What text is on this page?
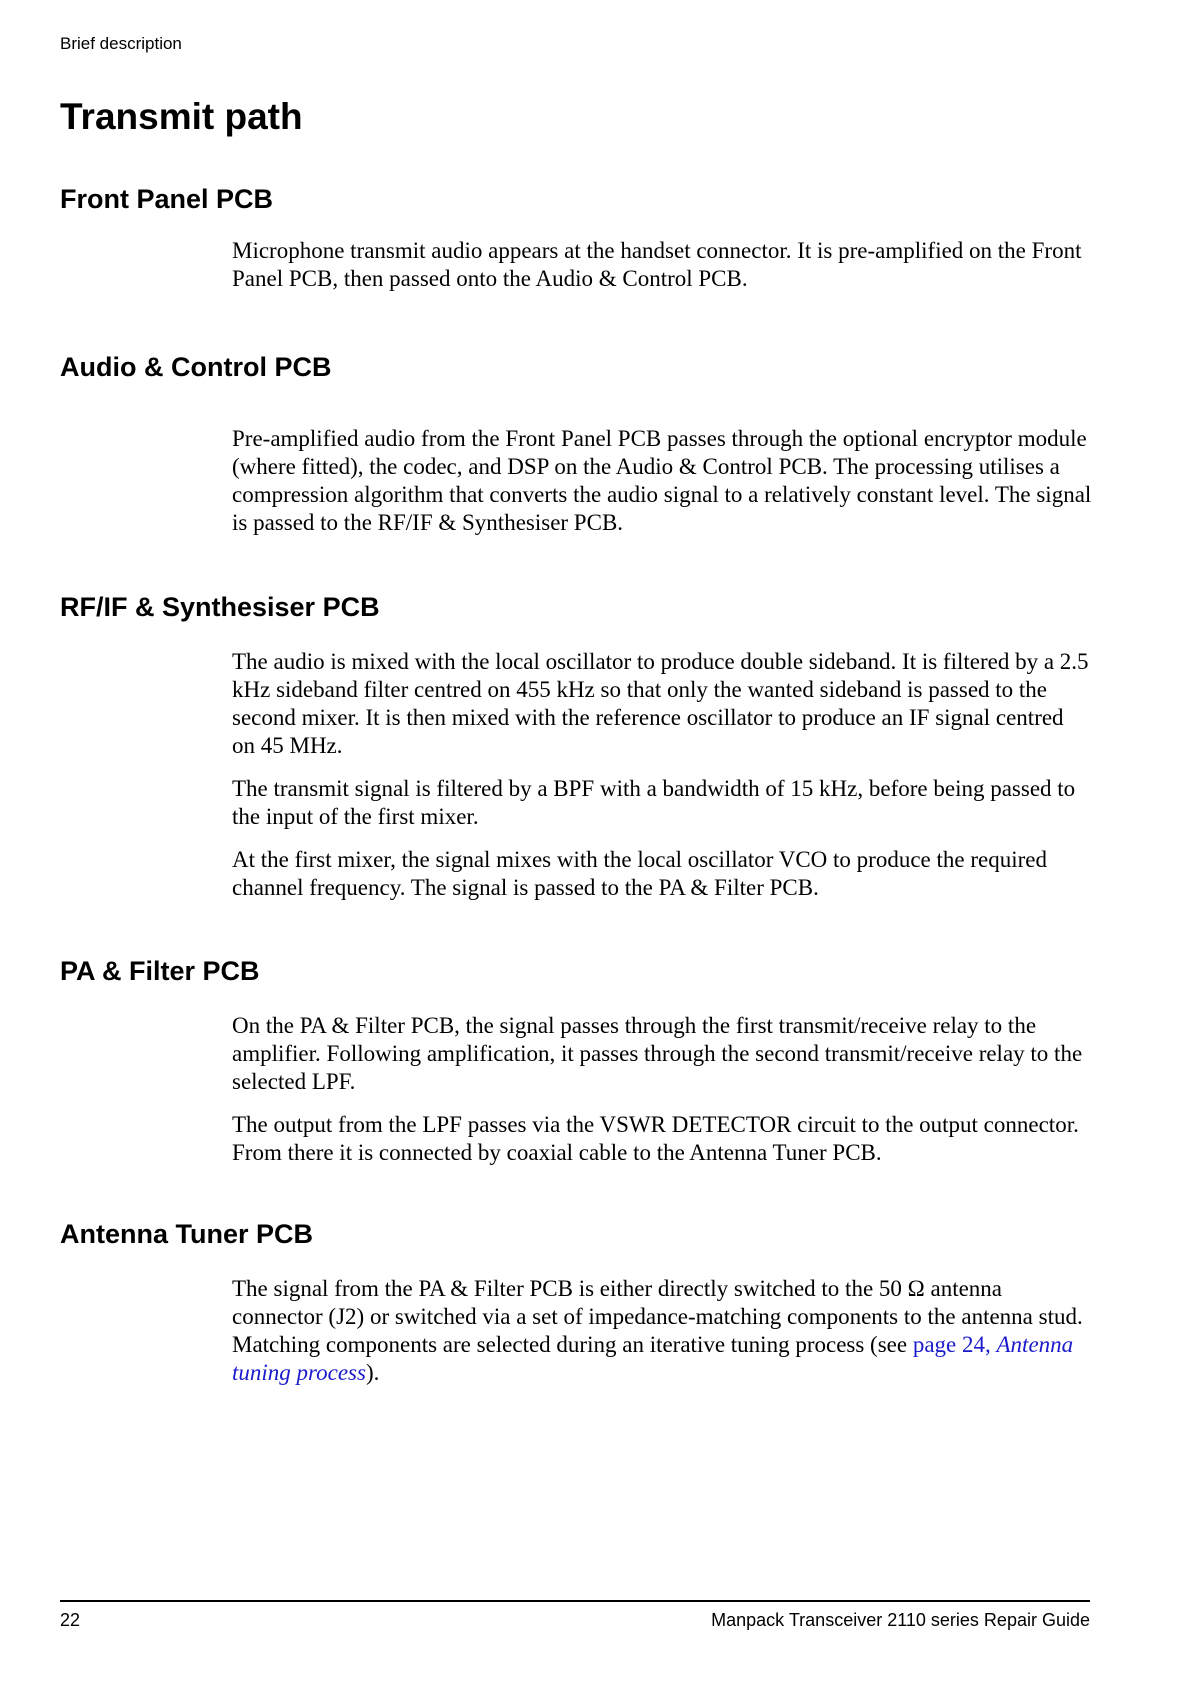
Brief description
Transmit path
Front Panel PCB

Microphone transmit audio appears at the handset connector. It is pre-amplified on the Front Panel PCB, then passed onto the Audio & Control PCB.

Audio & Control PCB

Pre-amplified audio from the Front Panel PCB passes through the optional encryptor module (where fitted), the codec, and DSP on the Audio & Control PCB. The processing utilises a compression algorithm that converts the audio signal to a relatively constant level. The signal is passed to the RF/IF & Synthesiser PCB.

RF/IF & Synthesiser PCB

The audio is mixed with the local oscillator to produce double sideband. It is filtered by a 2.5 kHz sideband filter centred on 455 kHz so that only the wanted sideband is passed to the second mixer. It is then mixed with the reference oscillator to produce an IF signal centred on 45 MHz.

The transmit signal is filtered by a BPF with a bandwidth of 15 kHz, before being passed to the input of the first mixer.

At the first mixer, the signal mixes with the local oscillator VCO to produce the required channel frequency. The signal is passed to the PA & Filter PCB.

PA & Filter PCB

On the PA & Filter PCB, the signal passes through the first transmit/receive relay to the amplifier. Following amplification, it passes through the second transmit/receive relay to the selected LPF.

The output from the LPF passes via the VSWR DETECTOR circuit to the output connector. From there it is connected by coaxial cable to the Antenna Tuner PCB.

Antenna Tuner PCB

The signal from the PA & Filter PCB is either directly switched to the 50 Ω antenna connector (J2) or switched via a set of impedance-matching components to the antenna stud. Matching components are selected during an iterative tuning process (see page 24, Antenna tuning process).

22	Manpack Transceiver 2110 series Repair Guide
